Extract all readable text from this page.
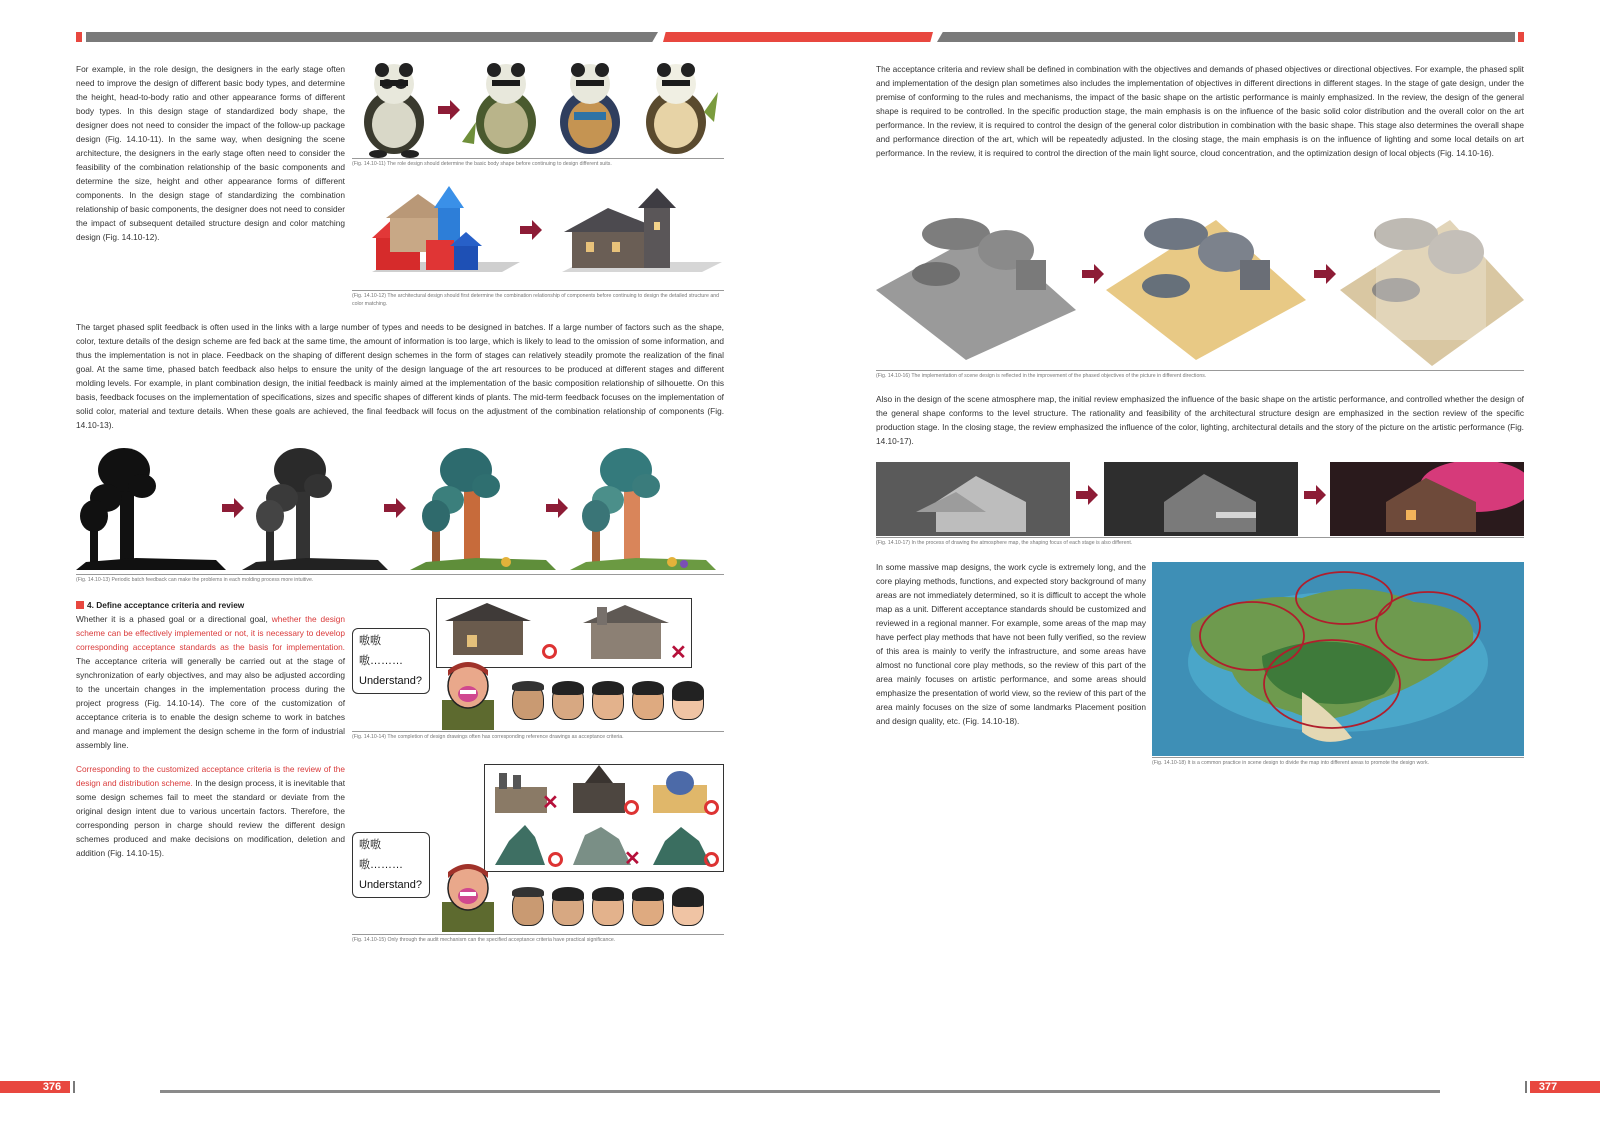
For example, in the role design, the designers in the early stage often need to improve the design of different basic body types, and determine the height, head-to-body ratio and other appearance forms of different body types. In this design stage of standardized body shape, the designer does not need to consider the impact of the follow-up package design (Fig. 14.10-11). In the same way, when designing the scene architecture, the designers in the early stage often need to consider the feasibility of the combination relationship of the basic components and determine the size, height and other appearance forms of different components. In the design stage of standardizing the combination relationship of basic components, the designer does not need to consider the impact of subsequent detailed structure design and color matching design (Fig. 14.10-12).
(Fig. 14.10-11) The role design should determine the basic body shape before continuing to design different suits.
(Fig. 14.10-12) The architectural design should first determine the combination relationship of components before continuing to design the detailed structure and color matching.
The target phased split feedback is often used in the links with a large number of types and needs to be designed in batches. If a large number of factors such as the shape, color, texture details of the design scheme are fed back at the same time, the amount of information is too large, which is likely to lead to the omission of some information, and thus the implementation is not in place. Feedback on the shaping of different design schemes in the form of stages can relatively steadily promote the realization of the final goal. At the same time, phased batch feedback also helps to ensure the unity of the design language of the art resources to be produced at different stages and different molding levels. For example, in plant combination design, the initial feedback is mainly aimed at the implementation of the basic composition relationship of silhouette. On this basis, feedback focuses on the implementation of specifications, sizes and specific shapes of different kinds of plants. The mid-term feedback focuses on the implementation of solid color, material and texture details. When these goals are achieved, the final feedback will focus on the adjustment of the combination relationship of components (Fig. 14.10-13).
(Fig. 14.10-13) Periodic batch feedback can make the problems in each molding process more intuitive.
4. Define acceptance criteria and review
Whether it is a phased goal or a directional goal, whether the design scheme can be effectively implemented or not, it is necessary to develop corresponding acceptance standards as the basis for implementation. The acceptance criteria will generally be carried out at the stage of synchronization of early objectives, and may also be adjusted according to the uncertain changes in the implementation process during the project progress (Fig. 14.10-14). The core of the customization of acceptance criteria is to enable the design scheme to work in batches and manage and implement the design scheme in the form of industrial assembly line.
✕
嗷嗷嗷………
Understand?
(Fig. 14.10-14) The completion of design drawings often has corresponding reference drawings as acceptance criteria.
Corresponding to the customized acceptance criteria is the review of the design and distribution scheme. In the design process, it is inevitable that some design schemes fail to meet the standard or deviate from the original design intent due to various uncertain factors. Therefore, the corresponding person in charge should review the different design schemes produced and make decisions on modification, deletion and addition (Fig. 14.10-15).
✕
✕
嗷嗷嗷………
Understand?
(Fig. 14.10-15) Only through the audit mechanism can the specified acceptance criteria have practical significance.
The acceptance criteria and review shall be defined in combination with the objectives and demands of phased objectives or directional objectives. For example, the phased split and implementation of the design plan sometimes also includes the implementation of objectives in different directions in different stages. In the stage of gate design, under the premise of conforming to the rules and mechanisms, the impact of the basic shape on the artistic performance is mainly emphasized. In the review, the design of the general shape is required to be controlled. In the specific production stage, the main emphasis is on the influence of the basic solid color distribution and the overall color on the art performance. In the review, it is required to control the design of the general color distribution in combination with the basic shape. This stage also determines the overall shape and performance direction of the art, which will be repeatedly adjusted. In the closing stage, the main emphasis is on the influence of lighting and some local details on art performance. In the review, it is required to control the direction of the main light source, cloud concentration, and the optimization design of local objects (Fig. 14.10-16).
(Fig. 14.10-16) The implementation of scene design is reflected in the improvement of the phased objectives of the picture in different directions.
Also in the design of the scene atmosphere map, the initial review emphasized the influence of the basic shape on the artistic performance, and controlled whether the design of the general shape conforms to the level structure. The rationality and feasibility of the architectural structure design are emphasized in the section review of the specific production stage. In the closing stage, the review emphasized the influence of the color, lighting, architectural details and the story of the picture on the artistic performance (Fig. 14.10-17).
(Fig. 14.10-17) In the process of drawing the atmosphere map, the shaping focus of each stage is also different.
In some massive map designs, the work cycle is extremely long, and the core playing methods, functions, and expected story background of many areas are not immediately determined, so it is difficult to accept the whole map as a unit. Different acceptance standards should be customized and reviewed in a regional manner. For example, some areas of the map may have perfect play methods that have not been fully verified, so the review of this area is mainly to verify the infrastructure, and some areas have almost no functional core play methods, so the review of this part of the area mainly focuses on artistic performance, and some areas should emphasize the presentation of world view, so the review of this part of the area mainly focuses on the size of some landmarks Placement position and design quality, etc. (Fig. 14.10-18).
(Fig. 14.10-18) It is a common practice in scene design to divide the map into different areas to promote the design work.
376	377
